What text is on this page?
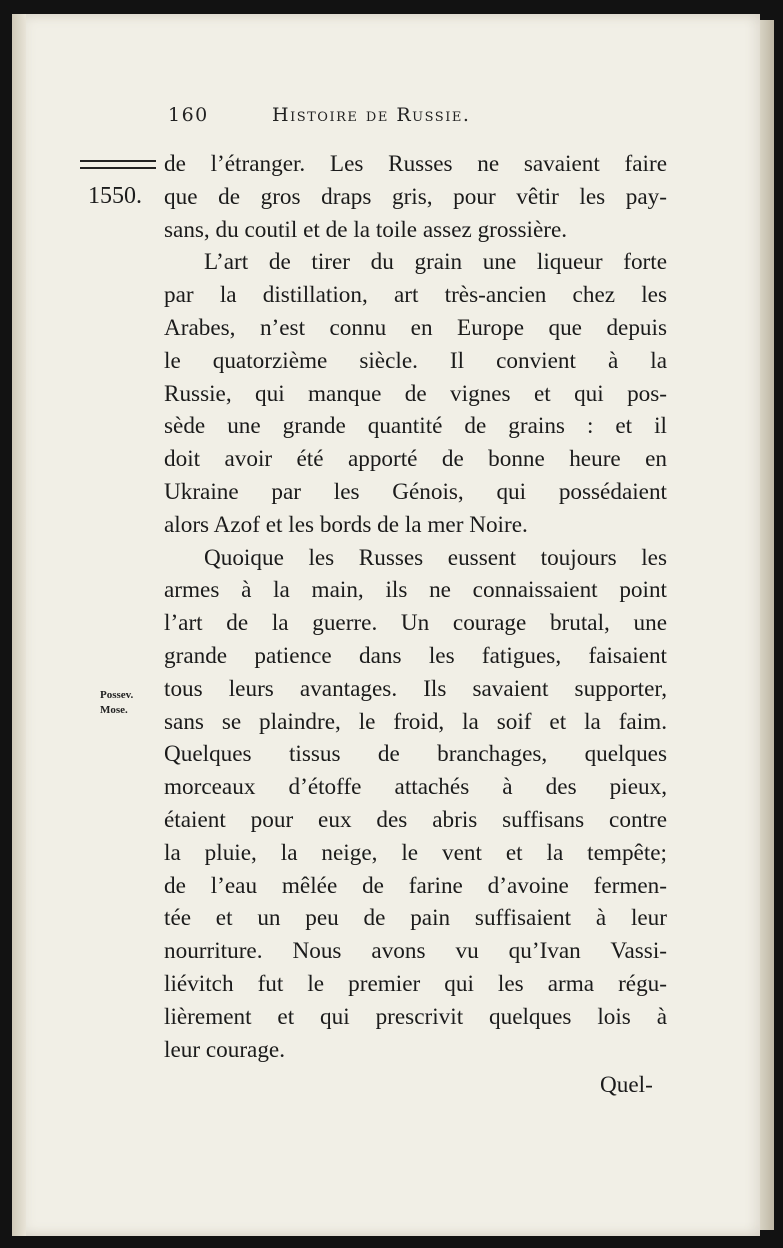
160	Histoire de Russie.
1550.
Possev.
Mose.
de l’étranger. Les Russes ne savaient faire
que de gros draps gris, pour vêtir les pay-
sans, du coutil et de la toile assez grossière.
L’art de tirer du grain une liqueur forte
par la distillation, art très-ancien chez les
Arabes, n’est connu en Europe que depuis
le quatorzième siècle. Il convient à la
Russie, qui manque de vignes et qui pos-
sède une grande quantité de grains : et il
doit avoir été apporté de bonne heure en
Ukraine par les Génois, qui possédaient
alors Azof et les bords de la mer Noire.
Quoique les Russes eussent toujours les
armes à la main, ils ne connaissaient point
l’art de la guerre. Un courage brutal, une
grande patience dans les fatigues, faisaient
tous leurs avantages. Ils savaient supporter,
sans se plaindre, le froid, la soif et la faim.
Quelques tissus de branchages, quelques
morceaux d’étoffe attachés à des pieux,
étaient pour eux des abris suffisans contre
la pluie, la neige, le vent et la tempête;
de l’eau mêlée de farine d’avoine fermen-
tée et un peu de pain suffisaient à leur
nourriture. Nous avons vu qu’Ivan Vassi-
liévitch fut le premier qui les arma régu-
lièrement et qui prescrivit quelques lois à
leur courage.
Quel-
